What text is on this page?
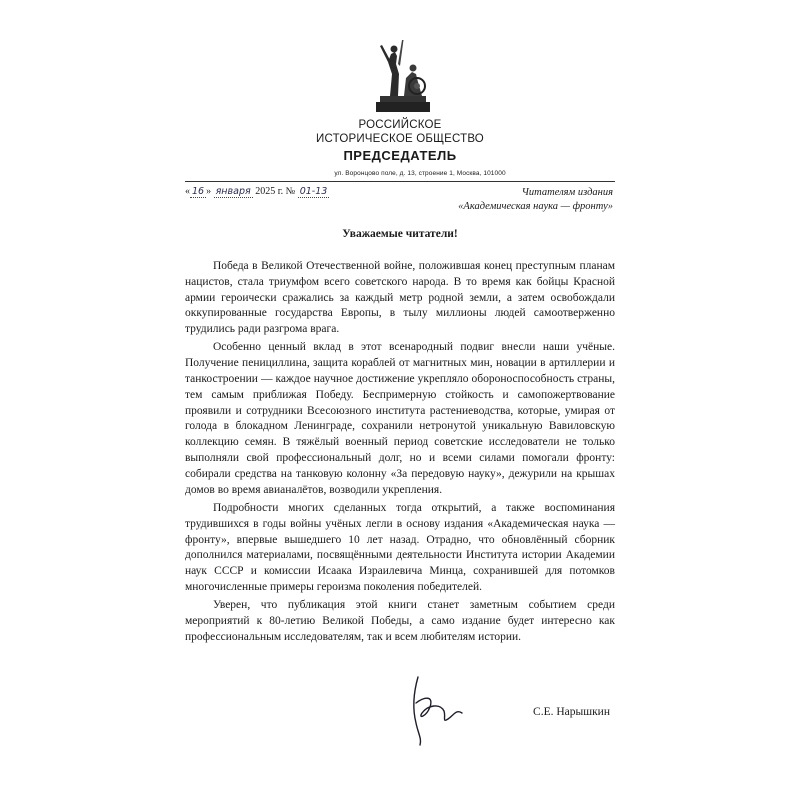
РОССИЙСКОЕ
ИСТОРИЧЕСКОЕ ОБЩЕСТВО
ПРЕДСЕДАТЕЛЬ
ул. Воронцово поле, д. 13, строение 1, Москва, 101000
« 16 » января 2025 г. № 01-13	Читателям издания
«Академическая наука — фронту»
Уважаемые читатели!

Победа в Великой Отечественной войне, положившая конец преступным планам нацистов, стала триумфом всего советского народа. В то время как бойцы Красной армии героически сражались за каждый метр родной земли, а затем освобождали оккупированные государства Европы, в тылу миллионы людей самоотверженно трудились ради разгрома врага.

Особенно ценный вклад в этот всенародный подвиг внесли наши учёные. Получение пенициллина, защита кораблей от магнитных мин, новации в артиллерии и танкостроении — каждое научное достижение укрепляло обороноспособность страны, тем самым приближая Победу. Беспримерную стойкость и самопожертвование проявили и сотрудники Всесоюзного института растениеводства, которые, умирая от голода в блокадном Ленинграде, сохранили нетронутой уникальную Вавиловскую коллекцию семян. В тяжёлый военный период советские исследователи не только выполняли свой профессиональный долг, но и всеми силами помогали фронту: собирали средства на танковую колонну «За передовую науку», дежурили на крышах домов во время авианалётов, возводили укрепления.

Подробности многих сделанных тогда открытий, а также воспоминания трудившихся в годы войны учёных легли в основу издания «Академическая наука — фронту», впервые вышедшего 10 лет назад. Отрадно, что обновлённый сборник дополнился материалами, посвящёнными деятельности Института истории Академии наук СССР и комиссии Исаака Израилевича Минца, сохранившей для потомков многочисленные примеры героизма поколения победителей.

Уверен, что публикация этой книги станет заметным событием среди мероприятий к 80-летию Великой Победы, а само издание будет интересно как профессиональным исследователям, так и всем любителям истории.

С.Е. Нарышкин
